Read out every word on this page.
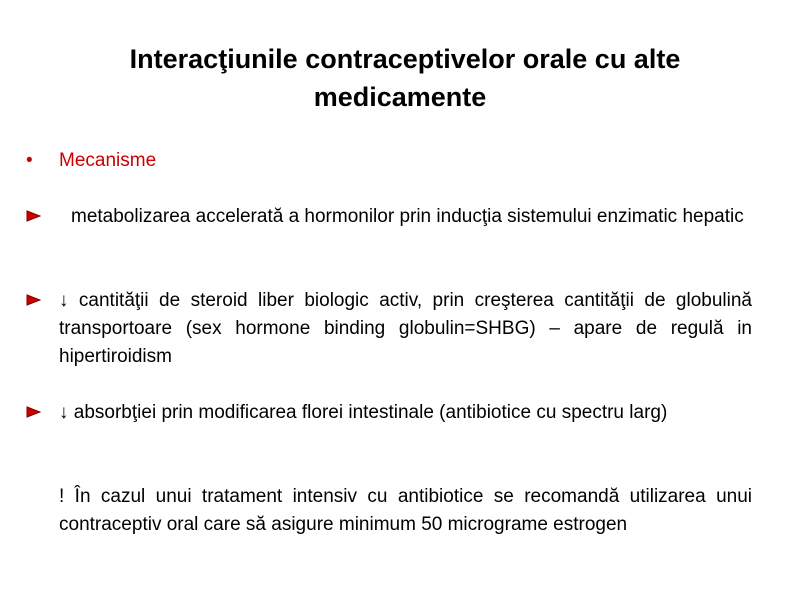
Interacţiunile contraceptivelor orale cu alte
medicamente
• Mecanisme
metabolizarea accelerată a hormonilor prin inducţia sistemului enzimatic hepatic
↓ cantităţii de steroid liber biologic activ, prin creşterea cantităţii de globulină transportoare (sex hormone binding globulin=SHBG) – apare de regulă in hipertiroidism
↓ absorbţiei prin modificarea florei intestinale (antibiotice cu spectru larg)
! În cazul unui tratament intensiv cu antibiotice se recomandă utilizarea unui contraceptiv oral care să asigure minimum 50 micrograme estrogen
